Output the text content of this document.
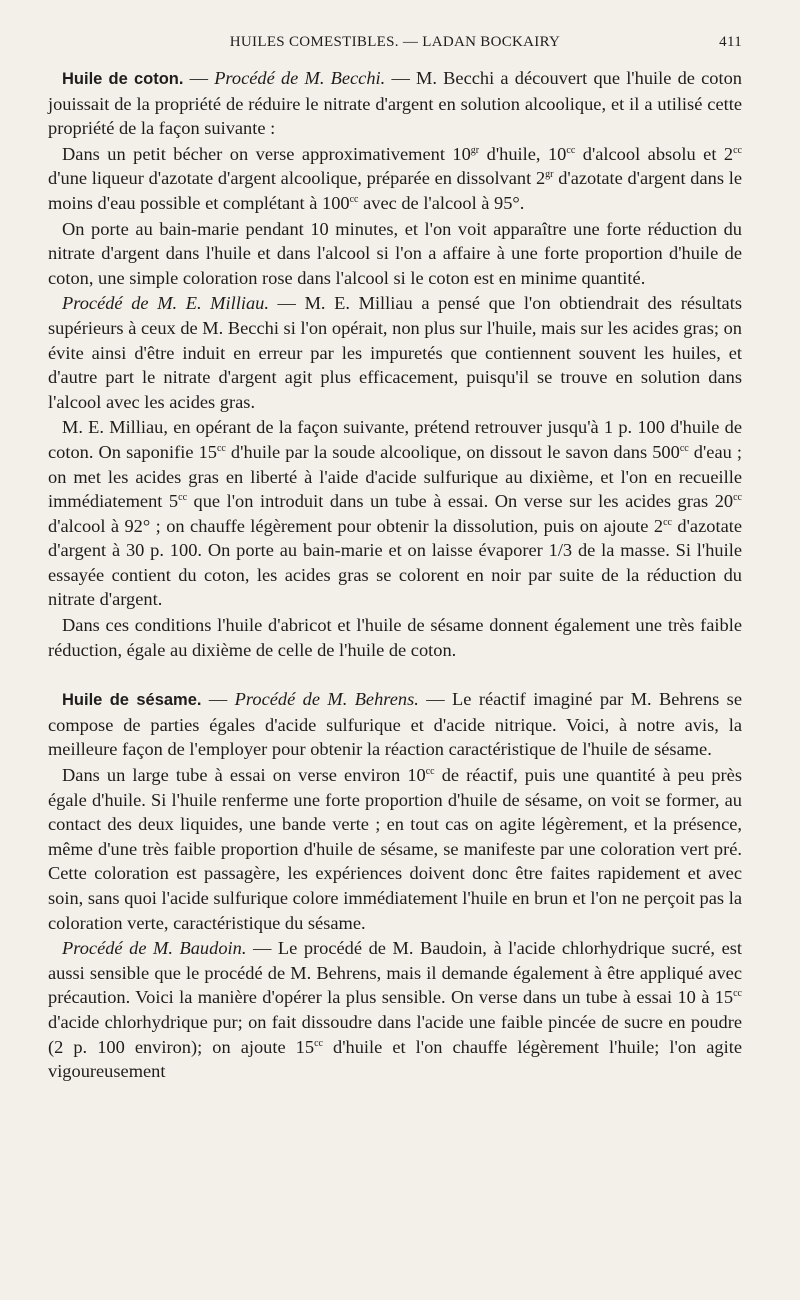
HUILES COMESTIBLES. — LADAN BOCKAIRY	411

Huile de coton. — Procédé de M. Becchi. — M. Becchi a découvert que l'huile de coton jouissait de la propriété de réduire le nitrate d'argent en solution alcoolique, et il a utilisé cette propriété de la façon suivante :

Dans un petit bécher on verse approximativement $10^{gr}$ d'huile, $10^{cc}$ d'alcool absolu et $2^{cc}$ d'une liqueur d'azotate d'argent alcoolique, préparée en dissolvant $2^{gr}$ d'azotate d'argent dans le moins d'eau possible et complétant à $100^{cc}$ avec de l'alcool à 95°.

On porte au bain-marie pendant 10 minutes, et l'on voit apparaître une forte réduction du nitrate d'argent dans l'huile et dans l'alcool si l'on a affaire à une forte proportion d'huile de coton, une simple coloration rose dans l'alcool si le coton est en minime quantité.

Procédé de M. E. Milliau. — M. E. Milliau a pensé que l'on obtiendrait des résultats supérieurs à ceux de M. Becchi si l'on opérait, non plus sur l'huile, mais sur les acides gras; on évite ainsi d'être induit en erreur par les impuretés que contiennent souvent les huiles, et d'autre part le nitrate d'argent agit plus efficacement, puisqu'il se trouve en solution dans l'alcool avec les acides gras.

M. E. Milliau, en opérant de la façon suivante, prétend retrouver jusqu'à 1 p. 100 d'huile de coton. On saponifie $15^{cc}$ d'huile par la soude alcoolique, on dissout le savon dans $500^{cc}$ d'eau ; on met les acides gras en liberté à l'aide d'acide sulfurique au dixième, et l'on en recueille immédiatement $5^{cc}$ que l'on introduit dans un tube à essai. On verse sur les acides gras $20^{cc}$ d'alcool à 92° ; on chauffe légèrement pour obtenir la dissolution, puis on ajoute $2^{cc}$ d'azotate d'argent à 30 p. 100. On porte au bain-marie et on laisse évaporer 1/3 de la masse. Si l'huile essayée contient du coton, les acides gras se colorent en noir par suite de la réduction du nitrate d'argent.

Dans ces conditions l'huile d'abricot et l'huile de sésame donnent également une très faible réduction, égale au dixième de celle de l'huile de coton.

Huile de sésame. — Procédé de M. Behrens. — Le réactif imaginé par M. Behrens se compose de parties égales d'acide sulfurique et d'acide nitrique. Voici, à notre avis, la meilleure façon de l'employer pour obtenir la réaction caractéristique de l'huile de sésame.

Dans un large tube à essai on verse environ $10^{cc}$ de réactif, puis une quantité à peu près égale d'huile. Si l'huile renferme une forte proportion d'huile de sésame, on voit se former, au contact des deux liquides, une bande verte ; en tout cas on agite légèrement, et la présence, même d'une très faible proportion d'huile de sésame, se manifeste par une coloration vert pré. Cette coloration est passagère, les expériences doivent donc être faites rapidement et avec soin, sans quoi l'acide sulfurique colore immédiatement l'huile en brun et l'on ne perçoit pas la coloration verte, caractéristique du sésame.

Procédé de M. Baudoin. — Le procédé de M. Baudoin, à l'acide chlorhydrique sucré, est aussi sensible que le procédé de M. Behrens, mais il demande également à être appliqué avec précaution. Voici la manière d'opérer la plus sensible. On verse dans un tube à essai 10 à $15^{cc}$ d'acide chlorhydrique pur; on fait dissoudre dans l'acide une faible pincée de sucre en poudre (2 p. 100 environ); on ajoute $15^{cc}$ d'huile et l'on chauffe légèrement l'huile; l'on agite vigoureusement
